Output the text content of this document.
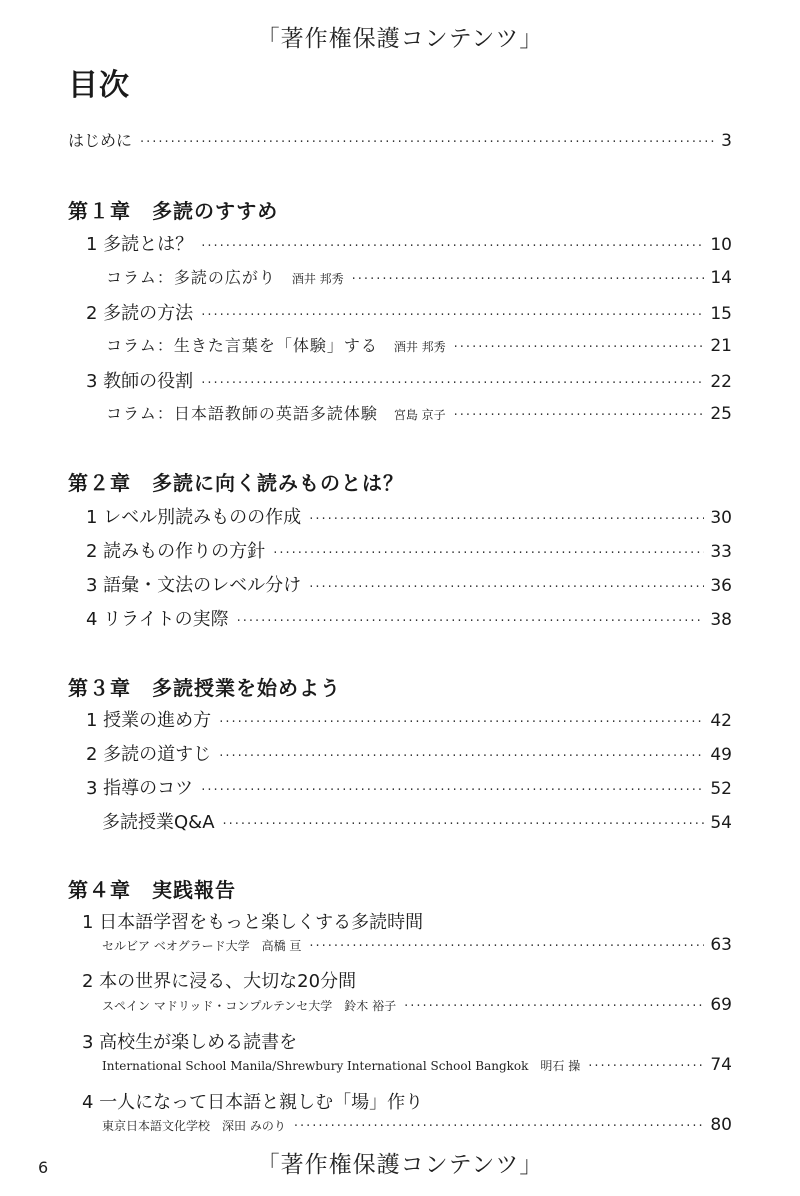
「著作権保護コンテンツ」
目次
はじめに ·····	3
第１章　多読のすすめ
1 多読とは？ ·····	10
コラム：多読の広がり 酒井 邦秀 ·····	14
2 多読の方法 ·····	15
コラム：生きた言葉を「体験」する 酒井 邦秀 ·····	21
3 教師の役割 ·····	22
コラム：日本語教師の英語多読体験 宮島 京子 ·····	25
第２章　多読に向く読みものとは？
1 レベル別読みものの作成 ·····	30
2 読みもの作りの方針 ·····	33
3 語彙・文法のレベル分け ·····	36
4 リライトの実際 ·····	38
第３章　多読授業を始めよう
1 授業の進め方 ·····	42
2 多読の道すじ ·····	49
3 指導のコツ ·····	52
多読授業Q&A ·····	54
第４章　実践報告
1 日本語学習をもっと楽しくする多読時間
セルビア ベオグラード大学　高橋 亘 ·····	63
2 本の世界に浸る、大切な20分間
スペイン マドリッド・コンプルテンセ大学　鈴木 裕子 ·····	69
3 高校生が楽しめる読書を
International School Manila/Shrewbury International School Bangkok　明石 操 ·····	74
4 一人になって日本語と親しむ「場」作り
東京日本語文化学校　深田 みのり ·····	80
6	「著作権保護コンテンツ」
